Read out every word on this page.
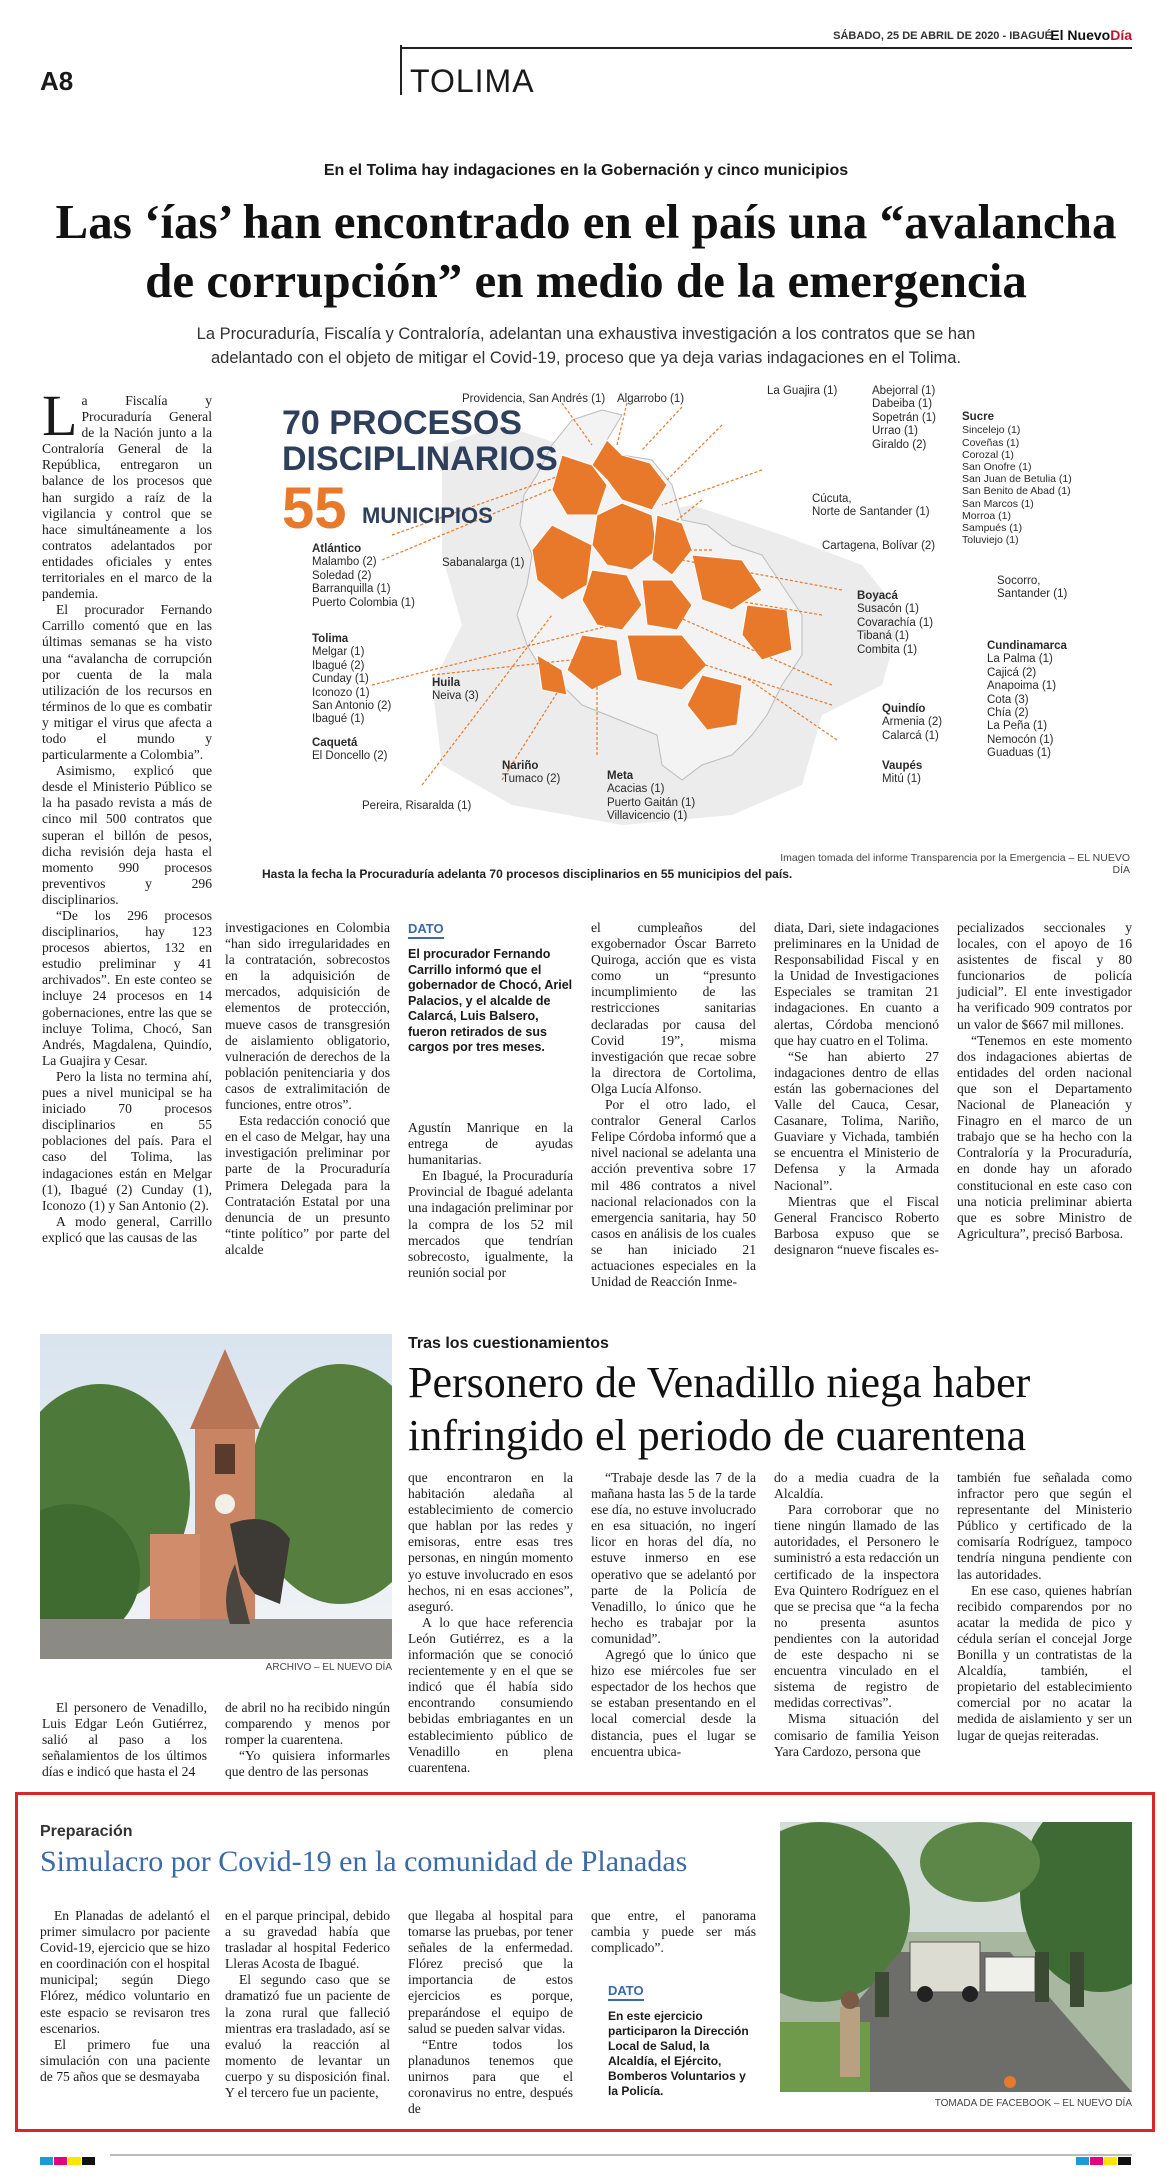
SÁBADO, 25 DE ABRIL DE 2020 - IBAGUÉ
El NuevoDía
A8	TOLIMA
En el Tolima hay indagaciones en la Gobernación y cinco municipios
Las ‘ías’ han encontrado en el país una “avalancha de corrupción” en medio de la emergencia
La Procuraduría, Fiscalía y Contraloría, adelantan una exhaustiva investigación a los contratos que se han adelantado con el objeto de mitigar el Covid-19, proceso que ya deja varias indagaciones en el Tolima.

La Fiscalía y Procuraduría General de la Nación junto a la Contraloría General de la República, entregaron un balance de los procesos que han surgido a raíz de la vigilancia y control que se hace simultáneamente a los contratos adelantados por entidades oficiales y entes territoriales en el marco de la pandemia.

El procurador Fernando Carrillo comentó que en las últimas semanas se ha visto una “avalancha de corrupción por cuenta de la mala utilización de los recursos en términos de lo que es combatir y mitigar el virus que afecta a todo el mundo y particularmente a Colombia”.

Asimismo, explicó que desde el Ministerio Público se la ha pasado revista a más de cinco mil 500 contratos que superan el billón de pesos, dicha revisión deja hasta el momento 990 procesos preventivos y 296 disciplinarios.

“De los 296 procesos disciplinarios, hay 123 procesos abiertos, 132 en estudio preliminar y 41 archivados”. En este conteo se incluye 24 procesos en 14 gobernaciones, entre las que se incluye Tolima, Chocó, San Andrés, Magdalena, Quindío, La Guajira y Cesar.

Pero la lista no termina ahí, pues a nivel municipal se ha iniciado 70 procesos disciplinarios en 55 poblaciones del país. Para el caso del Tolima, las indagaciones están en Melgar (1), Ibagué (2) Cunday (1), Iconozo (1) y San Antonio (2).

A modo general, Carrillo explicó que las causas de las

70 PROCESOS
DISCIPLINARIOS
55 MUNICIPIOS
Providencia, San Andrés (1) Algarrobo (1)
La Guajira (1)	Abejorral (1)
Dabeiba (1)
Sopetrán (1)
Urrao (1)
Giraldo (2)
Sucre
Sincelejo (1)
Coveñas (1)
Corozal (1)
San Onofre (1)
San Juan de Betulia (1)
San Benito de Abad (1)
San Marcos (1)
Morroa (1)
Sampués (1)
Toluviejo (1)
Atlántico
Malambo (2)
Soledad (2)
Barranquilla (1)
Puerto Colombia (1)
Sabanalarga (1)
Cúcuta,
Norte de Santander (1)
Cartagena, Bolívar (2)
Socorro,
Santander (1)
Tolima
Melgar (1)
Ibagué (2)
Cunday (1)
Iconozo (1)
San Antonio (2)
Ibagué (1)
Boyacá
Susacón (1)
Covarachía (1)
Tibaná (1)
Combita (1)	Cundinamarca
La Palma (1)
Cajicá (2)
Anapoima (1)
Cota (3)
Chía (2)
La Peña (1)
Nemocón (1)
Guaduas (1)
Huila
Neiva (3)
Caquetá
El Doncello (2)
Quindío
Armenia (2)
Calarcá (1)
Vaupés
Mitú (1)
Nariño
Tumaco (2)	Meta
Acacias (1)
Puerto Gaitán (1)
Villavicencio (1)
Pereira, Risaralda (1)
Imagen tomada del informe Transparencia por la Emergencia – EL NUEVO DÍA
Hasta la fecha la Procuraduría adelanta 70 procesos disciplinarios en 55 municipios del país.

investigaciones en Colombia “han sido irregularidades en la contratación, sobrecostos en la adquisición de mercados, adquisición de elementos de protección, mueve casos de transgresión de aislamiento obligatorio, vulneración de derechos de la población penitenciaria y dos casos de extralimitación de funciones, entre otros”.

Esta redacción conoció que en el caso de Melgar, hay una investigación preliminar por parte de la Procuraduría Primera Delegada para la Contratación Estatal por una denuncia de un presunto “tinte político” por parte del alcalde

DATO
El procurador Fernando Carrillo informó que el gobernador de Chocó, Ariel Palacios, y el alcalde de Calarcá, Luis Balsero, fueron retirados de sus cargos por tres meses.

Agustín Manrique en la entrega de ayudas humanitarias.

En Ibagué, la Procuraduría Provincial de Ibagué adelanta una indagación preliminar por la compra de los 52 mil mercados que tendrían sobrecosto, igualmente, la reunión social por

el cumpleaños del exgobernador Óscar Barreto Quiroga, acción que es vista como un “presunto incumplimiento de las restricciones sanitarias declaradas por causa del Covid 19”, misma investigación que recae sobre la directora de Cortolima, Olga Lucía Alfonso.

Por el otro lado, el contralor General Carlos Felipe Córdoba informó que a nivel nacional se adelanta una acción preventiva sobre 17 mil 486 contratos a nivel nacional relacionados con la emergencia sanitaria, hay 50 casos en análisis de los cuales se han iniciado 21 actuaciones especiales en la Unidad de Reacción Inme-

diata, Dari, siete indagaciones preliminares en la Unidad de Responsabilidad Fiscal y en la Unidad de Investigaciones Especiales se tramitan 21 indagaciones. En cuanto a alertas, Córdoba mencionó que hay cuatro en el Tolima.

“Se han abierto 27 indagaciones dentro de ellas están las gobernaciones del Valle del Cauca, Cesar, Casanare, Tolima, Nariño, Guaviare y Vichada, también se encuentra el Ministerio de Defensa y la Armada Nacional”.

Mientras que el Fiscal General Francisco Roberto Barbosa expuso que se designaron “nueve fiscales es-

pecializados seccionales y locales, con el apoyo de 16 asistentes de fiscal y 80 funcionarios de policía judicial”. El ente investigador ha verificado 909 contratos por un valor de $667 mil millones.

“Tenemos en este momento dos indagaciones abiertas de entidades del orden nacional que son el Departamento Nacional de Planeación y Finagro en el marco de un trabajo que se ha hecho con la Contraloría y la Procuraduría, en donde hay un aforado constitucional en este caso con una noticia preliminar abierta que es sobre Ministro de Agricultura”, precisó Barbosa.

ARCHIVO – EL NUEVO DÍA
Tras los cuestionamientos
Personero de Venadillo niega haber infringido el periodo de cuarentena

El personero de Venadillo, Luis Edgar León Gutiérrez, salió al paso a los señalamientos de los últimos días e indicó que hasta el 24

de abril no ha recibido ningún comparendo y menos por romper la cuarentena.

“Yo quisiera informarles que dentro de las personas

que encontraron en la habitación aledaña al establecimiento de comercio que hablan por las redes y emisoras, entre esas tres personas, en ningún momento yo estuve involucrado en esos hechos, ni en esas acciones”, aseguró.

A lo que hace referencia León Gutiérrez, es a la información que se conoció recientemente y en el que se indicó que él había sido encontrando consumiendo bebidas embriagantes en un establecimiento público de Venadillo en plena cuarentena.

“Trabaje desde las 7 de la mañana hasta las 5 de la tarde ese día, no estuve involucrado en esa situación, no ingerí licor en horas del día, no estuve inmerso en ese operativo que se adelantó por parte de la Policía de Venadillo, lo único que he hecho es trabajar por la comunidad”.

Agregó que lo único que hizo ese miércoles fue ser espectador de los hechos que se estaban presentando en el local comercial desde la distancia, pues el lugar se encuentra ubica-

do a media cuadra de la Alcaldía.

Para corroborar que no tiene ningún llamado de las autoridades, el Personero le suministró a esta redacción un certificado de la inspectora Eva Quintero Rodríguez en el que se precisa que “a la fecha no presenta asuntos pendientes con la autoridad de este despacho ni se encuentra vinculado en el sistema de registro de medidas correctivas”.

Misma situación del comisario de familia Yeison Yara Cardozo, persona que

también fue señalada como infractor pero que según el representante del Ministerio Público y certificado de la comisaría Rodríguez, tampoco tendría ninguna pendiente con las autoridades.

En ese caso, quienes habrían recibido comparendos por no acatar la medida de pico y cédula serían el concejal Jorge Bonilla y un contratistas de la Alcaldía, también, el propietario del establecimiento comercial por no acatar la medida de aislamiento y ser un lugar de quejas reiteradas.

Preparación
Simulacro por Covid-19 en la comunidad de Planadas

En Planadas de adelantó el primer simulacro por paciente Covid-19, ejercicio que se hizo en coordinación con el hospital municipal; según Diego Flórez, médico voluntario en este espacio se revisaron tres escenarios.

El primero fue una simulación con una paciente de 75 años que se desmayaba

en el parque principal, debido a su gravedad había que trasladar al hospital Federico Lleras Acosta de Ibagué.

El segundo caso que se dramatizó fue un paciente de la zona rural que falleció mientras era trasladado, así se evaluó la reacción al momento de levantar un cuerpo y su disposición final. Y el tercero fue un paciente,

que llegaba al hospital para tomarse las pruebas, por tener señales de la enfermedad. Flórez precisó que la importancia de estos ejercicios es porque, preparándose el equipo de salud se pueden salvar vidas.

“Entre todos los planadunos tenemos que unirnos para que el coronavirus no entre, después de

que entre, el panorama cambia y puede ser más complicado”.

DATO
En este ejercicio participaron la Dirección Local de Salud, la Alcaldía, el Ejército, Bomberos Voluntarios y la Policía.
TOMADA DE FACEBOOK – EL NUEVO DÍA
